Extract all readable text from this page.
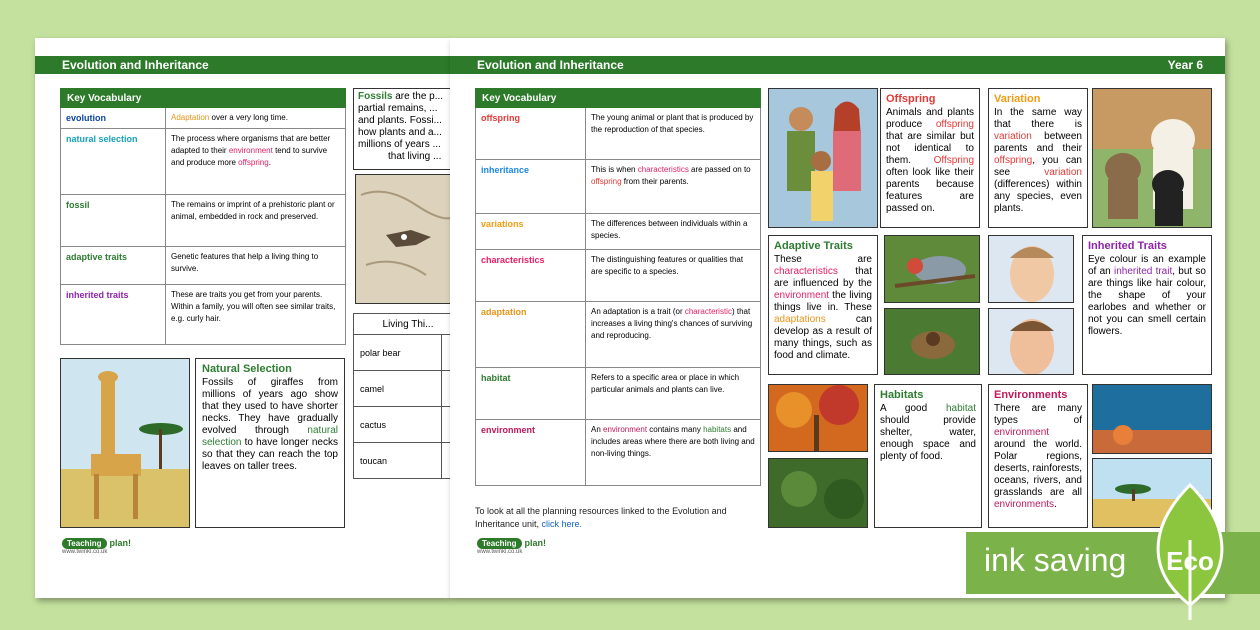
Evolution and Inheritance
Key Vocabulary	
evolution	Adaptation over a very long time.
natural selection	The process where organisms that are better adapted to their environment tend to survive and produce more offspring.
fossil	The remains or imprint of a prehistoric plant or animal, embedded in rock and preserved.
adaptive traits	Genetic features that help a living thing to survive.
inherited traits	These are traits you get from your parents. Within a family, you will often see similar traits, e.g. curly hair.
Fossils are the p...
partial remains, ...
and plants. Fossi...
how plants and a...
millions of years ...
that living ...
Living Thi...	
polar bear	
camel	
cactus	
toucan	
Natural Selection
Fossils of giraffes from millions of years ago show that they used to have shorter necks. They have gradually evolved through natural selection to have longer necks so that they can reach the top leaves on taller trees.
Teaching plan!
www.twinkl.co.uk
Evolution and Inheritance	Year 6
Key Vocabulary	
offspring	The young animal or plant that is produced by the reproduction of that species.
inheritance	This is when characteristics are passed on to offspring from their parents.
variations	The differences between individuals within a species.
characteristics	The distinguishing features or qualities that are specific to a species.
adaptation	An adaptation is a trait (or characteristic) that increases a living thing's chances of surviving and reproducing.
habitat	Refers to a specific area or place in which particular animals and plants can live.
environment	An environment contains many habitats and includes areas where there are both living and non-living things.
To look at all the planning resources linked to the Evolution and Inheritance unit, click here.
Offspring
Animals and plants produce offspring that are similar but not identical to them. Offspring often look like their parents because features are passed on.
Variation
In the same way that there is variation between parents and their offspring, you can see variation (differences) within any species, even plants.
Adaptive Traits
These are characteristics that are influenced by the environment the living things live in. These adaptations can develop as a result of many things, such as food and climate.
Inherited Traits
Eye colour is an example of an inherited trait, but so are things like hair colour, the shape of your earlobes and whether or not you can smell certain flowers.
Habitats
A good habitat should provide shelter, water, enough space and plenty of food.
Environments
There are many types of environment around the world. Polar regions, deserts, rainforests, oceans, rivers, and grasslands are all environments.
Teaching plan!
www.twinkl.co.uk	ink saving Eco
